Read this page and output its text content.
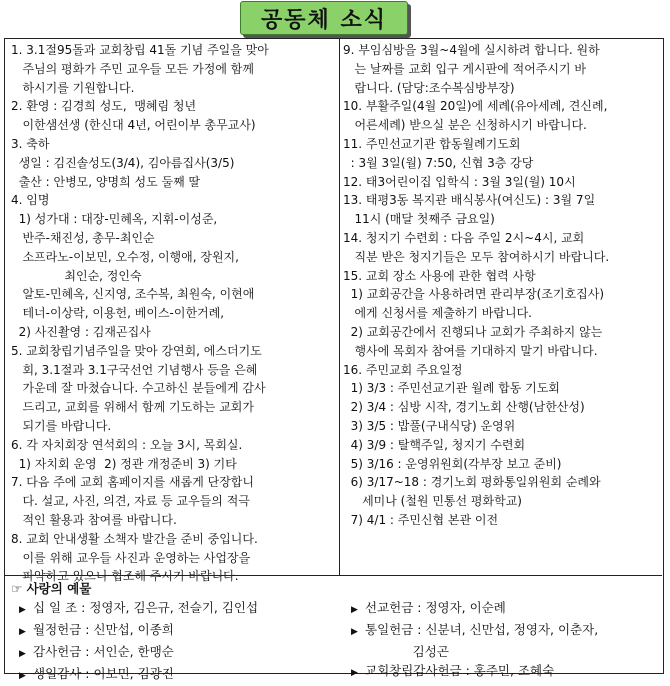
공동체 소식
1. 3.1절95돌과 교회창립 41돌 기념 주일을 맞아
주님의 평화가 주민 교우들 모든 가정에 함께
하시기를 기원합니다.
2. 환영 : 김경희 성도,  맹혜림 청년
이한샘선생 (한신대 4년, 어린이부 총무교사)
3. 축하
생일 : 김진솔성도(3/4), 김아름집사(3/5)
출산 : 안병모, 양명희 성도 둘째 딸
4. 임명
1) 성가대 : 대장-민혜옥, 지휘-이성준,
반주-채진성, 총무-최인순
소프라노-이보민, 오수정, 이행애, 장원지,
최인순, 정인숙
알토-민혜옥, 신지영, 조수복, 최원숙, 이현애
테너-이상락, 이용헌, 베이스-이한거례,
2) 사진촬영 : 김재곤집사
5. 교회창립기념주일을 맞아 강연회, 에스더기도
회, 3.1절과 3.1구국선언 기념행사 등을 은혜
가운데 잘 마쳤습니다. 수고하신 분들에게 감사
드리고, 교회를 위해서 함께 기도하는 교회가
되기를 바랍니다.
6. 각 자치회장 연석회의 : 오늘 3시, 목회실.
1) 자치회 운영  2) 정관 개정준비 3) 기타
7. 다음 주에 교회 홈페이지를 새롭게 단장합니
다. 설교, 사진, 의견, 자료 등 교우들의 적극
적인 활용과 참여를 바랍니다.
8. 교회 안내생활 소책자 발간을 준비 중입니다.
이를 위해 교우들 사진과 운영하는 사업장을
파악하고 있으니 협조해 주시기 바랍니다.
9. 부임심방을 3월~4월에 실시하려 합니다. 원하
는 날짜를 교회 입구 게시판에 적어주시기 바
랍니다. (담당:조수복심방부장)
10. 부활주일(4월 20일)에 세례(유아세례, 견신례,
어른세례) 받으실 분은 신청하시기 바랍니다.
11. 주민선교기관 합동월례기도회
: 3월 3일(월) 7:50, 신협 3층 강당
12. 태3어린이집 입학식 : 3월 3일(월) 10시
13. 태평3동 복지관 배식봉사(여신도) : 3월 7일
11시 (매달 첫째주 금요일)
14. 청지기 수련회 : 다음 주일 2시~4시, 교회
직분 받은 청지기들은 모두 참여하시기 바랍니다.
15. 교회 장소 사용에 관한 협력 사항
1) 교회공간을 사용하려면 관리부장(조기호집사)
에게 신청서를 제출하기 바랍니다.
2) 교회공간에서 진행되나 교회가 주최하지 않는
행사에 목회자 참여를 기대하지 말기 바랍니다.
16. 주민교회 주요일정
1) 3/3 : 주민선교기관 월례 합동 기도회
2) 3/4 : 심방 시작, 경기노회 산행(남한산성)
3) 3/5 : 밥풀(구내식당) 운영위
4) 3/9 : 탈핵주일, 청지기 수련회
5) 3/16 : 운영위원회(각부장 보고 준비)
6) 3/17~18 : 경기노회 평화통일위원회 순례와
세미나 (철원 민통선 평화학교)
7) 4/1 : 주민신협 본관 이전
☞ 사랑의 예물
▶ 십 일 조 : 정영자, 김은규, 전슬기, 김인섭
▶ 월정헌금 : 신만섭, 이종희
▶ 감사헌금 : 서인순, 한맹순
▶ 생일감사 : 이보민, 김광진
▶ 선교헌금 : 정영자, 이순례
▶ 통일헌금 : 신분녀, 신만섭, 정영자, 이춘자,
김성곤
▶ 교회창립감사헌금 : 홍주민, 조혜숙
